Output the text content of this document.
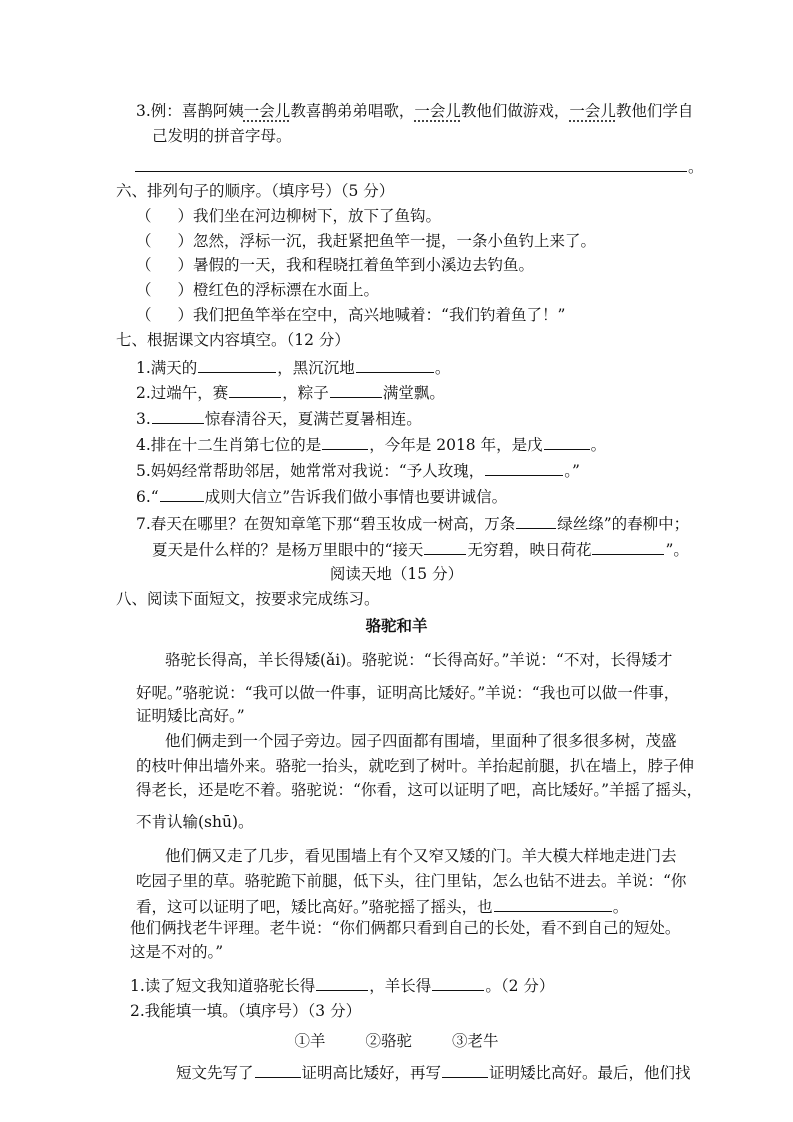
3.例：喜鹊阿姨一会儿教喜鹊弟弟唱歌，一会儿教他们做游戏，一会儿教他们学自
己发明的拼音字母。
。
六、排列句子的顺序。（填序号）（5 分）
（ ）我们坐在河边柳树下，放下了鱼钩。
（ ）忽然，浮标一沉，我赶紧把鱼竿一提，一条小鱼钓上来了。
（ ）暑假的一天，我和程晓扛着鱼竿到小溪边去钓鱼。
（ ）橙红色的浮标漂在水面上。
（ ）我们把鱼竿举在空中，高兴地喊着：“我们钓着鱼了！”
七、根据课文内容填空。（12 分）
1.满天的	，黑沉沉地	。
2.过端午，赛	，粽子	满堂飘。
3.	惊春清谷天，夏满芒夏暑相连。
4.排在十二生肖第七位的是	，今年是 2018 年，是戊	。
5.妈妈经常帮助邻居，她常常对我说：“予人玫瑰，	。”
6.“	成则大信立”告诉我们做小事情也要讲诚信。
7.春天在哪里？在贺知章笔下那“碧玉妆成一树高，万条	绿丝绦”的春柳中；
夏天是什么样的？是杨万里眼中的“接天	无穷碧，映日荷花	”。
阅读天地（15 分）
八、阅读下面短文，按要求完成练习。
骆驼和羊
骆驼长得高，羊长得矮(ǎi)。骆驼说：“长得高好。”羊说：“不对，长得矮才
好呢。”骆驼说：“我可以做一件事，证明高比矮好。”羊说：“我也可以做一件事，
证明矮比高好。”
他们俩走到一个园子旁边。园子四面都有围墙，里面种了很多很多树，茂盛
的枝叶伸出墙外来。骆驼一抬头，就吃到了树叶。羊抬起前腿，扒在墙上，脖子伸
得老长，还是吃不着。骆驼说：“你看，这可以证明了吧，高比矮好。”羊摇了摇头，
不肯认输(shū)。
他们俩又走了几步，看见围墙上有个又窄又矮的门。羊大模大样地走进门去
吃园子里的草。骆驼跪下前腿，低下头，往门里钻，怎么也钻不进去。羊说：“你
看，这可以证明了吧，矮比高好。”骆驼摇了摇头，也	。
他们俩找老牛评理。老牛说：“你们俩都只看到自己的长处，看不到自己的短处。
这是不对的。”
1.读了短文我知道骆驼长得	，羊长得	。（2 分）
2.我能填一填。（填序号）（3 分）
①羊	②骆驼	③老牛
短文先写了	证明高比矮好，再写	证明矮比高好。最后，他们找
